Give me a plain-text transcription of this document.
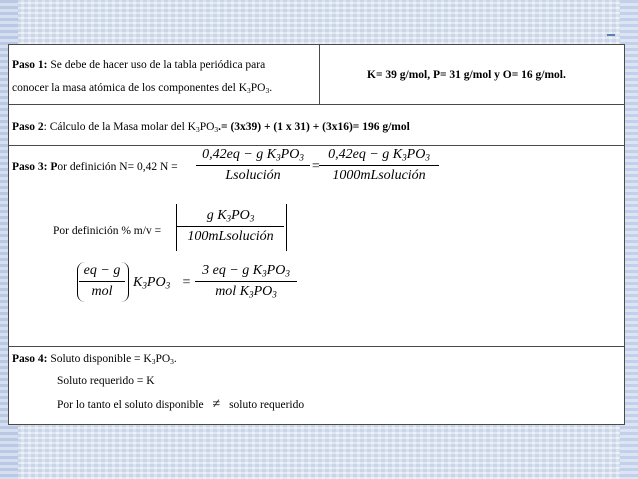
Paso 1: Se debe de hacer uso de la tabla periódica para
conocer la masa atómica de los componentes del $K_3PO_3$.
K= 39 g/mol, P= 31 g/mol y O= 16 g/mol.
Paso 2: Cálculo de la Masa molar del $K_3PO_3.= (3x39) + (1$ x 31) + (3x16)= 196 g/mol
Paso 3: Por definición N= 0,42 N =
0,42eq − g $K_3PO_3$
Lsolución
=
0,42eq − g $K_3PO_3$
1000mLsolución
Por definición % m/v =
g $K_3PO_3$
100mLsolución
eq − g
mol
$K_3PO_3$ =
3 eq − g $K_3PO_3$
mol $K_3PO_3$
Paso 4: Soluto disponible = $K_3PO_3$.
Soluto requerido = K
Por lo tanto el soluto disponible ≠ soluto requerido
